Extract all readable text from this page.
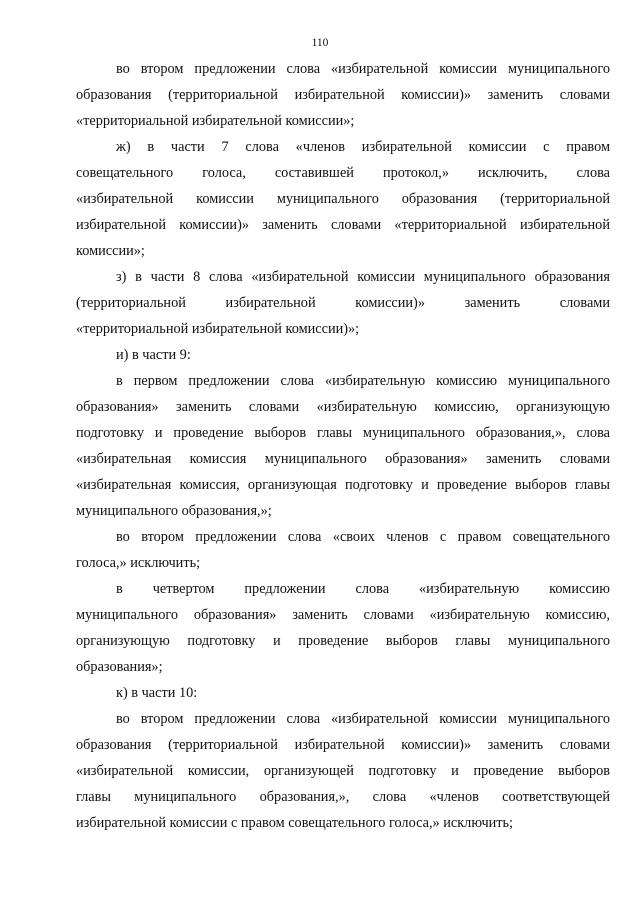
110
во втором предложении слова «избирательной комиссии муниципального
образования (территориальной избирательной комиссии)» заменить словами
«территориальной избирательной комиссии»;
ж) в части 7 слова «членов избирательной комиссии с правом
совещательного голоса, составившей протокол,» исключить, слова
«избирательной комиссии муниципального образования (территориальной
избирательной комиссии)» заменить словами «территориальной избирательной
комиссии»;
з) в части 8 слова «избирательной комиссии муниципального образования
(территориальной избирательной комиссии)» заменить словами
«территориальной избирательной комиссии)»;
и) в части 9:
в первом предложении слова «избирательную комиссию муниципального
образования» заменить словами «избирательную комиссию, организующую
подготовку и проведение выборов главы муниципального образования,», слова
«избирательная комиссия муниципального образования» заменить словами
«избирательная комиссия, организующая подготовку и проведение выборов главы
муниципального образования,»;
во втором предложении слова «своих членов с правом совещательного
голоса,» исключить;
в четвертом предложении слова «избирательную комиссию
муниципального образования» заменить словами «избирательную комиссию,
организующую подготовку и проведение выборов главы муниципального
образования»;
к) в части 10:
во втором предложении слова «избирательной комиссии муниципального
образования (территориальной избирательной комиссии)» заменить словами
«избирательной комиссии, организующей подготовку и проведение выборов
главы муниципального образования,», слова «членов соответствующей
избирательной комиссии с правом совещательного голоса,» исключить;
